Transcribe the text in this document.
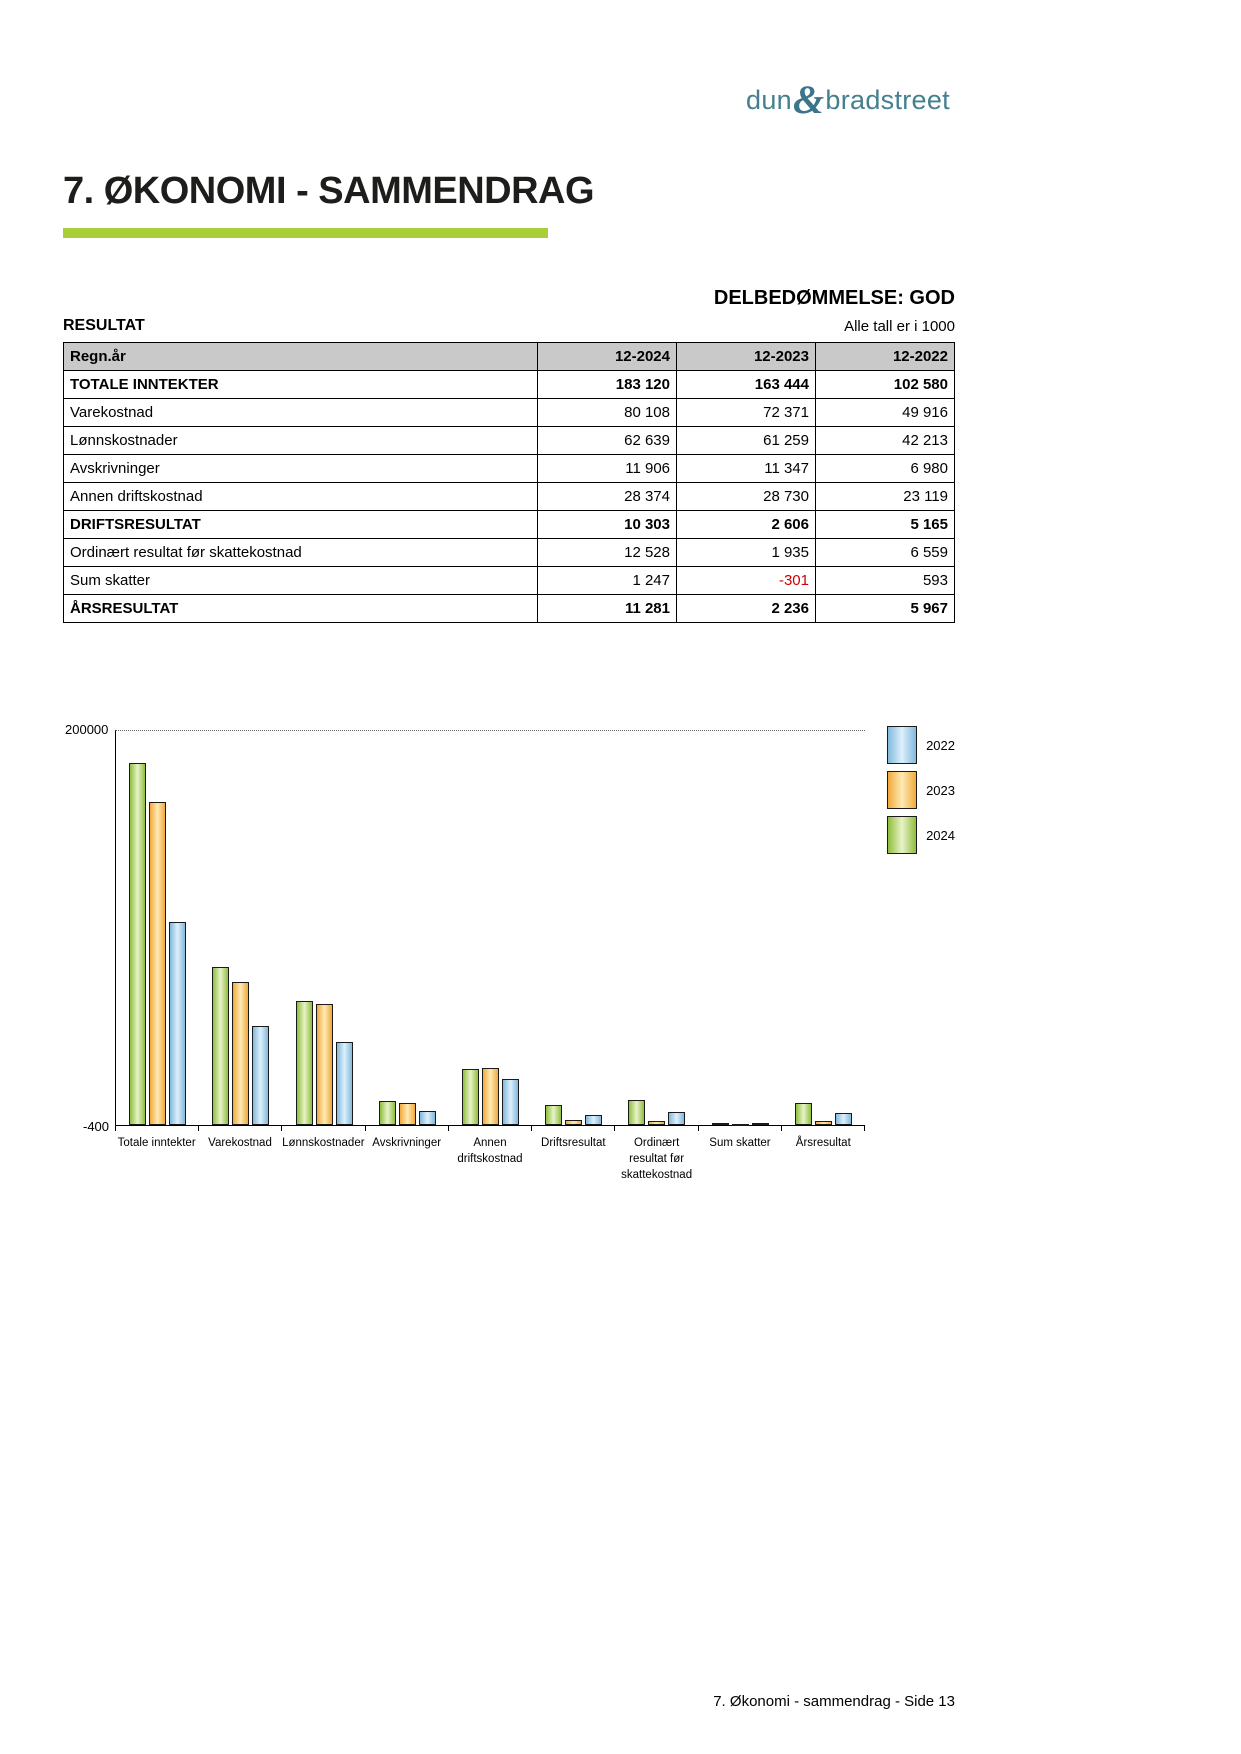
dun&bradstreet
7. ØKONOMI - SAMMENDRAG
DELBEDØMMELSE: GOD
RESULTAT	Alle tall er i 1000
Regn.år	12-2024	12-2023	12-2022
TOTALE INNTEKTER	183 120	163 444	102 580
Varekostnad	80 108	72 371	49 916
Lønnskostnader	62 639	61 259	42 213
Avskrivninger	11 906	11 347	6 980
Annen driftskostnad	28 374	28 730	23 119
DRIFTSRESULTAT	10 303	2 606	5 165
Ordinært resultat før skattekostnad	12 528	1 935	6 559
Sum skatter	1 247	-301	593
ÅRSRESULTAT	11 281	2 236	5 967
200000
-400
Totale inntekter	Varekostnad Lønnskostnader Avskrivninger	Annen driftskostnad
Driftsresultat	Ordinært resultat før skattekostnad
Sum skatter	Årsresultat
2022
2023
2024
7. Økonomi - sammendrag - Side 13
